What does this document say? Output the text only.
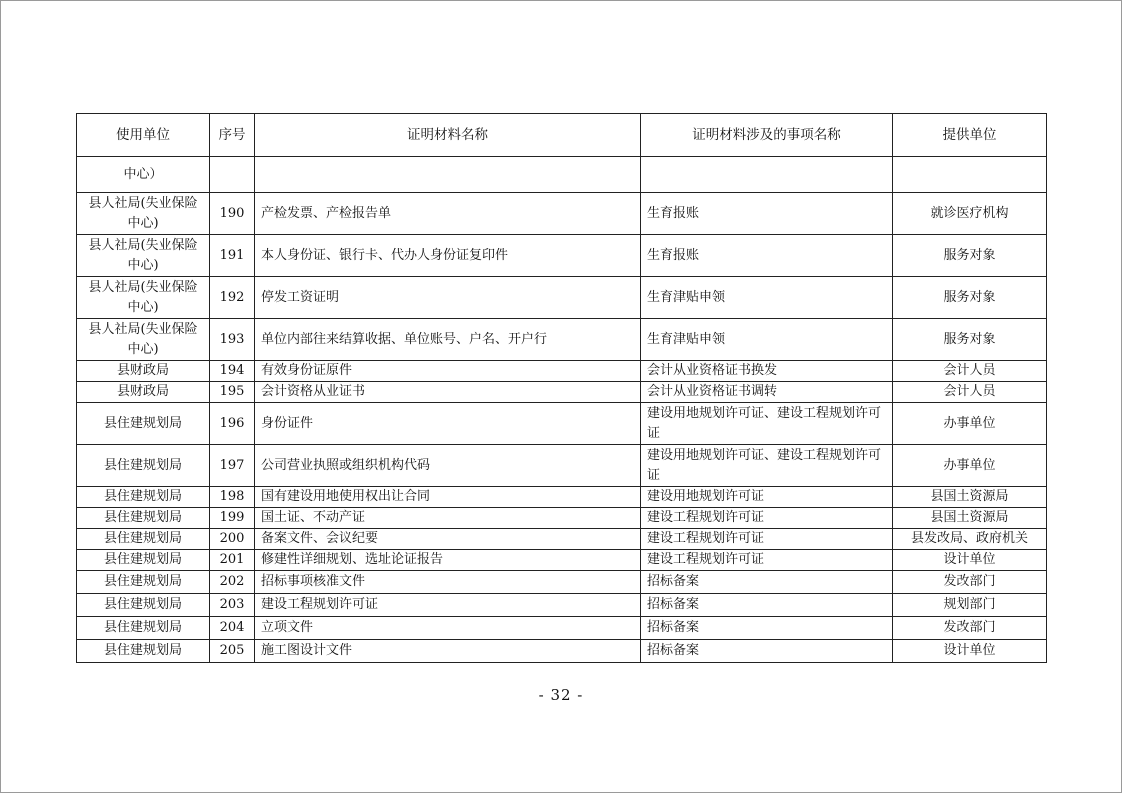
使用单位	序号	证明材料名称	证明材料涉及的事项名称	提供单位
中心）				
县人社局(失业保险中心)	190	产检发票、产检报告单	生育报账	就诊医疗机构
县人社局(失业保险中心)	191	本人身份证、银行卡、代办人身份证复印件	生育报账	服务对象
县人社局(失业保险中心)	192	停发工资证明	生育津贴申领	服务对象
县人社局(失业保险中心)	193	单位内部往来结算收据、单位账号、户名、开户行	生育津贴申领	服务对象
县财政局	194	有效身份证原件	会计从业资格证书换发	会计人员
县财政局	195	会计资格从业证书	会计从业资格证书调转	会计人员
县住建规划局	196	身份证件	建设用地规划许可证、建设工程规划许可证	办事单位
县住建规划局	197	公司营业执照或组织机构代码	建设用地规划许可证、建设工程规划许可证	办事单位
县住建规划局	198	国有建设用地使用权出让合同	建设用地规划许可证	县国土资源局
县住建规划局	199	国土证、不动产证	建设工程规划许可证	县国土资源局
县住建规划局	200	备案文件、会议纪要	建设工程规划许可证	县发改局、政府机关
县住建规划局	201	修建性详细规划、选址论证报告	建设工程规划许可证	设计单位
县住建规划局	202	招标事项核准文件	招标备案	发改部门
县住建规划局	203	建设工程规划许可证	招标备案	规划部门
县住建规划局	204	立项文件	招标备案	发改部门
县住建规划局	205	施工图设计文件	招标备案	设计单位
- 32 -
